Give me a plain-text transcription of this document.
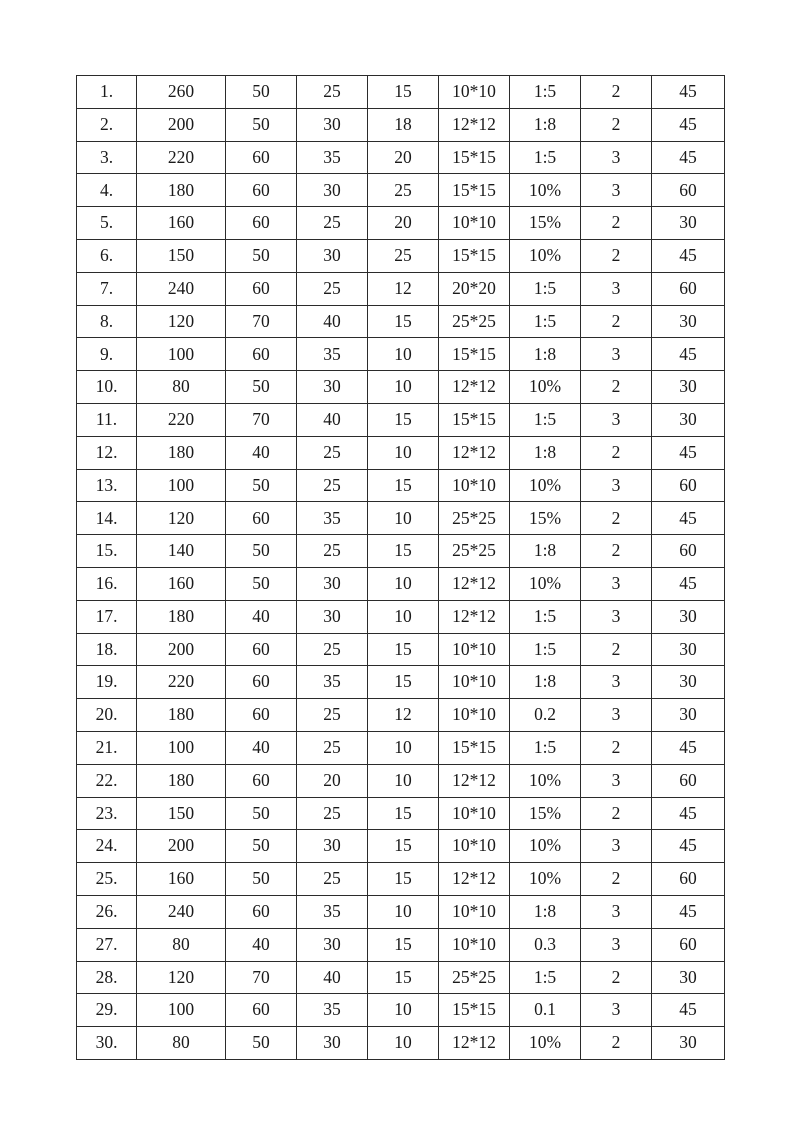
1.	260	50	25	15	10*10	1:5	2	45
2.	200	50	30	18	12*12	1:8	2	45
3.	220	60	35	20	15*15	1:5	3	45
4.	180	60	30	25	15*15	10%	3	60
5.	160	60	25	20	10*10	15%	2	30
6.	150	50	30	25	15*15	10%	2	45
7.	240	60	25	12	20*20	1:5	3	60
8.	120	70	40	15	25*25	1:5	2	30
9.	100	60	35	10	15*15	1:8	3	45
10.	80	50	30	10	12*12	10%	2	30
11.	220	70	40	15	15*15	1:5	3	30
12.	180	40	25	10	12*12	1:8	2	45
13.	100	50	25	15	10*10	10%	3	60
14.	120	60	35	10	25*25	15%	2	45
15.	140	50	25	15	25*25	1:8	2	60
16.	160	50	30	10	12*12	10%	3	45
17.	180	40	30	10	12*12	1:5	3	30
18.	200	60	25	15	10*10	1:5	2	30
19.	220	60	35	15	10*10	1:8	3	30
20.	180	60	25	12	10*10	0.2	3	30
21.	100	40	25	10	15*15	1:5	2	45
22.	180	60	20	10	12*12	10%	3	60
23.	150	50	25	15	10*10	15%	2	45
24.	200	50	30	15	10*10	10%	3	45
25.	160	50	25	15	12*12	10%	2	60
26.	240	60	35	10	10*10	1:8	3	45
27.	80	40	30	15	10*10	0.3	3	60
28.	120	70	40	15	25*25	1:5	2	30
29.	100	60	35	10	15*15	0.1	3	45
30.	80	50	30	10	12*12	10%	2	30
